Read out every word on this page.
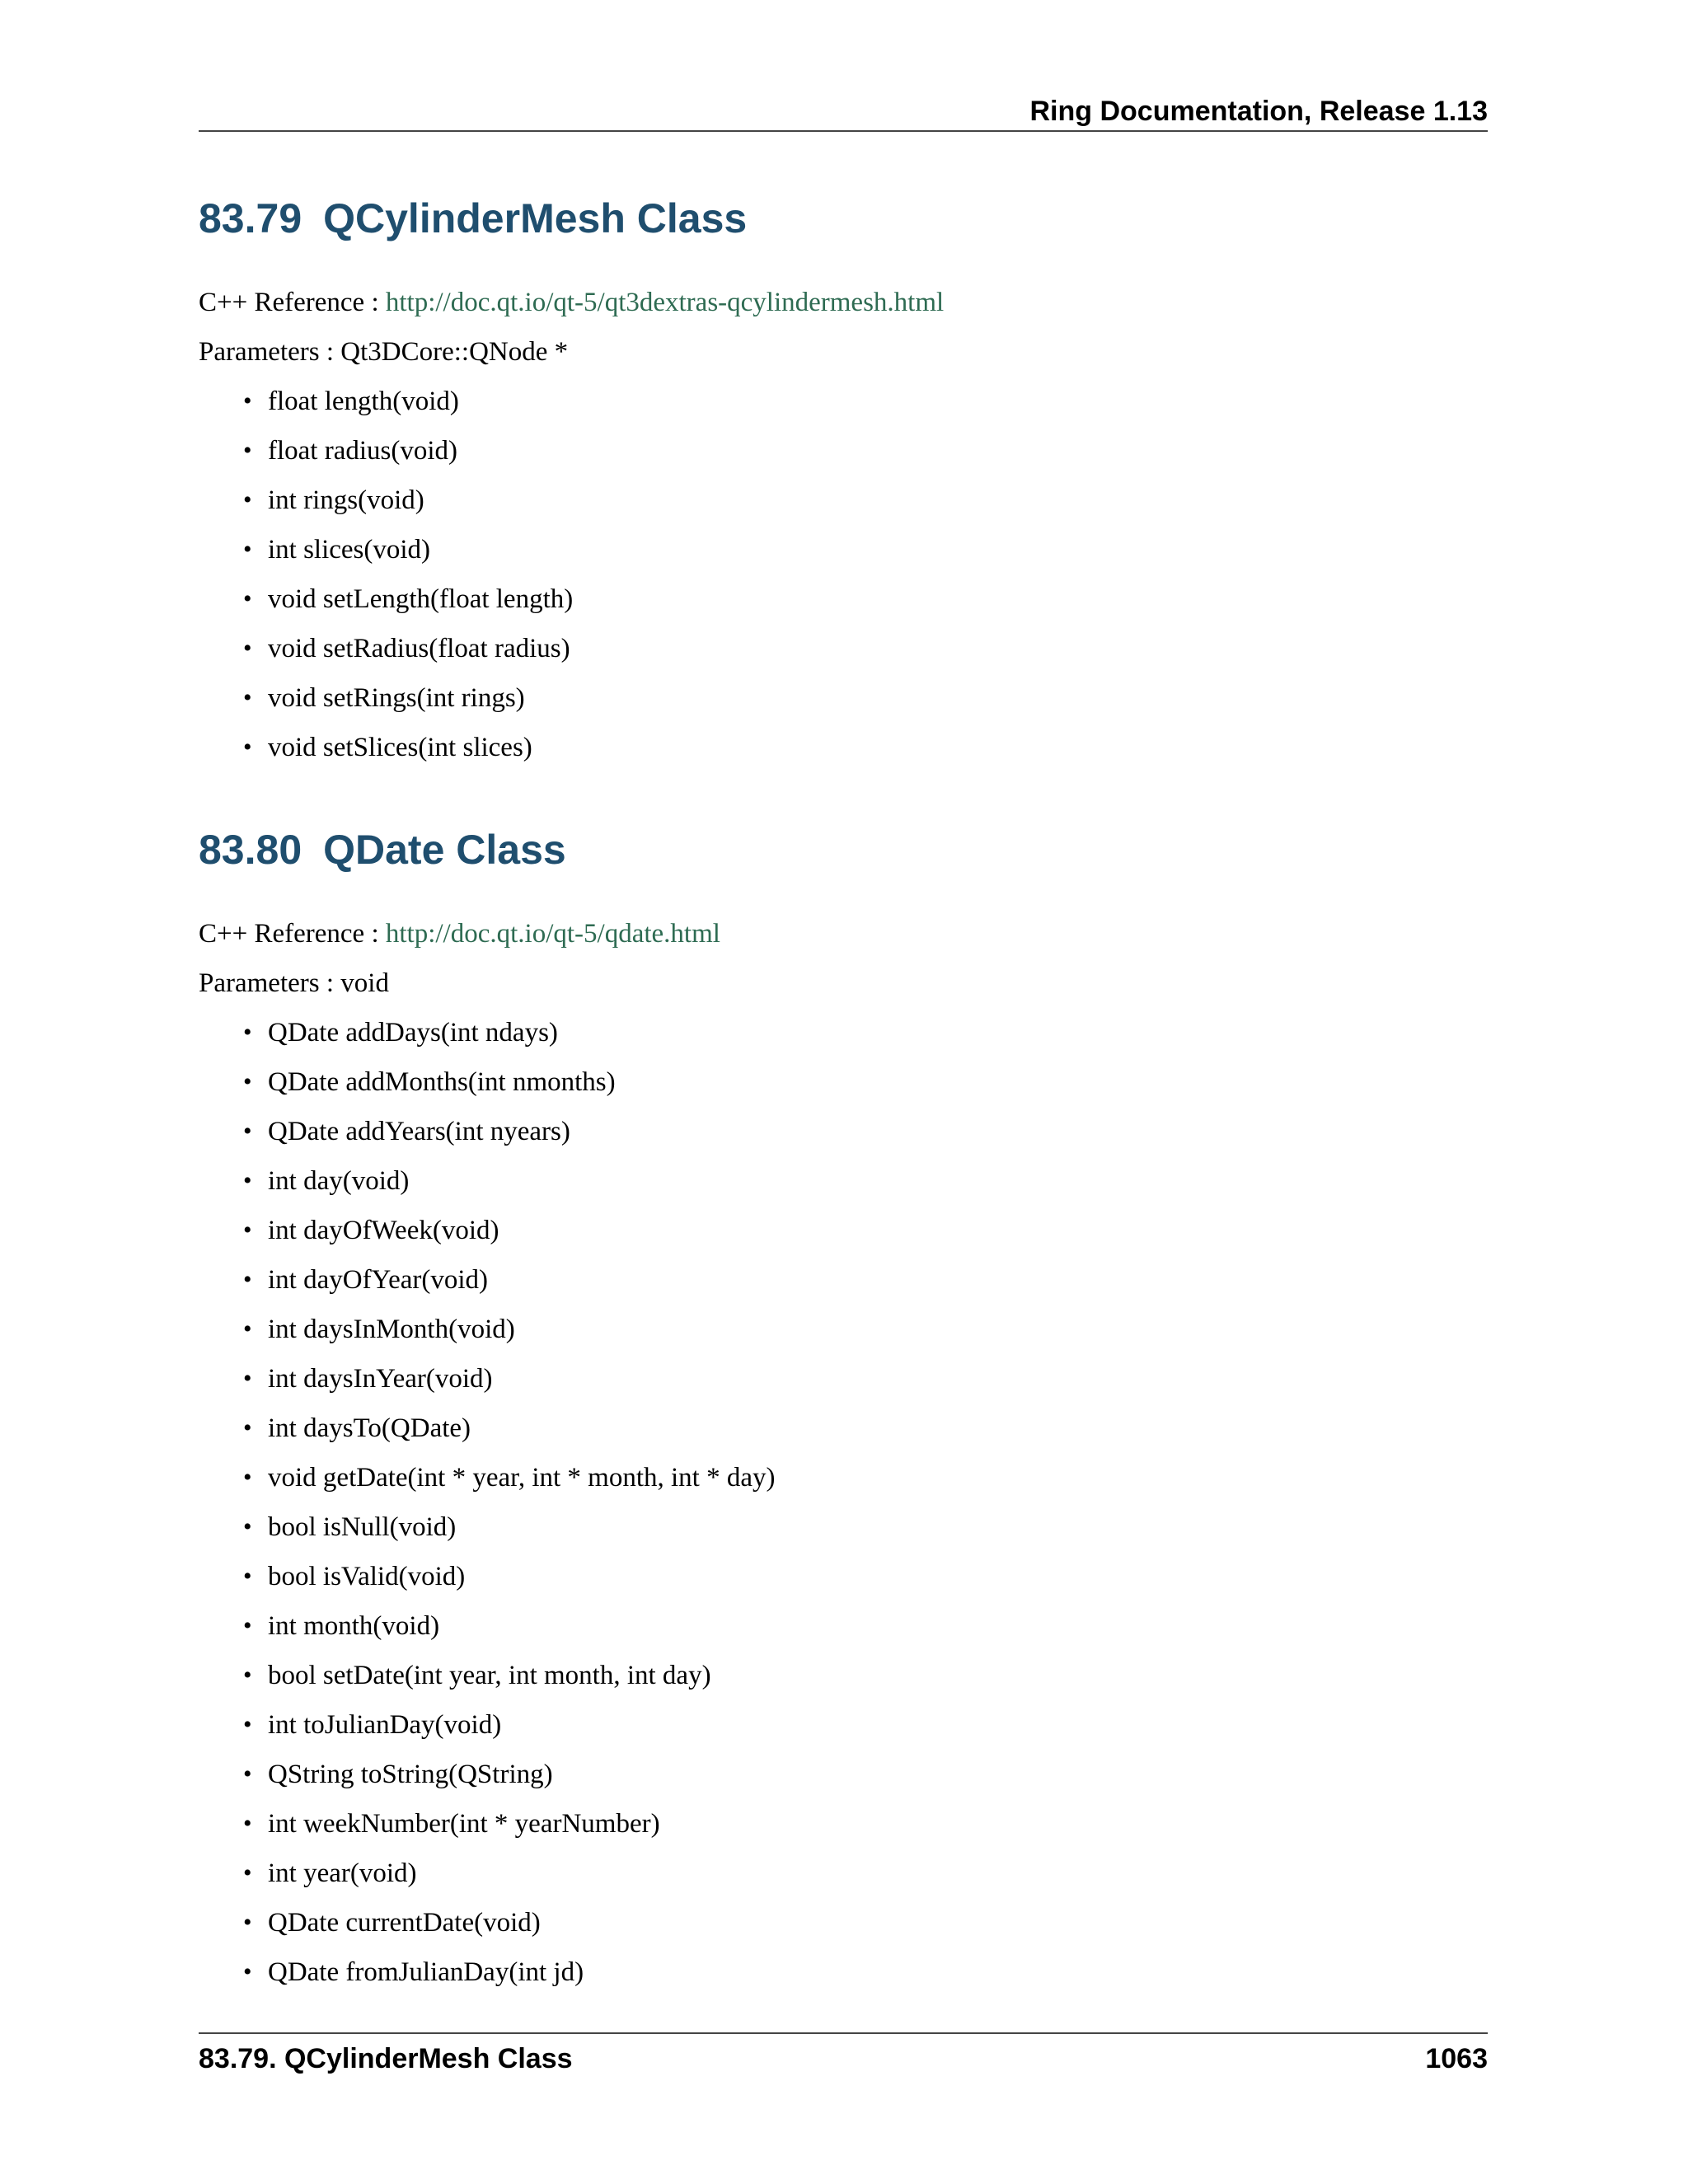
Ring Documentation, Release 1.13
83.79 QCylinderMesh Class
C++ Reference : http://doc.qt.io/qt-5/qt3dextras-qcylindermesh.html
Parameters : Qt3DCore::QNode *
• float length(void)
• float radius(void)
• int rings(void)
• int slices(void)
• void setLength(float length)
• void setRadius(float radius)
• void setRings(int rings)
• void setSlices(int slices)
83.80 QDate Class
C++ Reference : http://doc.qt.io/qt-5/qdate.html
Parameters : void
• QDate addDays(int ndays)
• QDate addMonths(int nmonths)
• QDate addYears(int nyears)
• int day(void)
• int dayOfWeek(void)
• int dayOfYear(void)
• int daysInMonth(void)
• int daysInYear(void)
• int daysTo(QDate)
• void getDate(int * year, int * month, int * day)
• bool isNull(void)
• bool isValid(void)
• int month(void)
• bool setDate(int year, int month, int day)
• int toJulianDay(void)
• QString toString(QString)
• int weekNumber(int * yearNumber)
• int year(void)
• QDate currentDate(void)
• QDate fromJulianDay(int jd)
83.79. QCylinderMesh Class	1063
